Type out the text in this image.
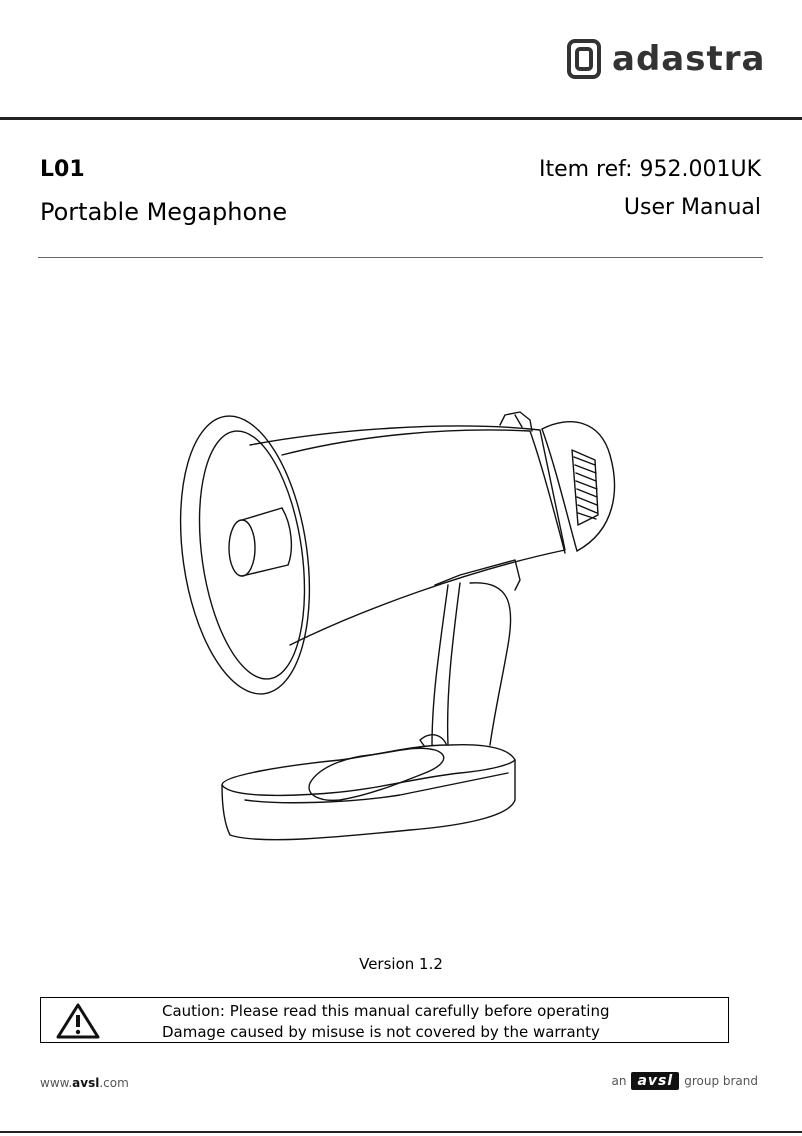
adastra
L01
Portable Megaphone
Item ref: 952.001UK
User Manual
Version 1.2
Caution: Please read this manual carefully before operating
Damage caused by misuse is not covered by the warranty
www.avsl.com	an avsl group brand
